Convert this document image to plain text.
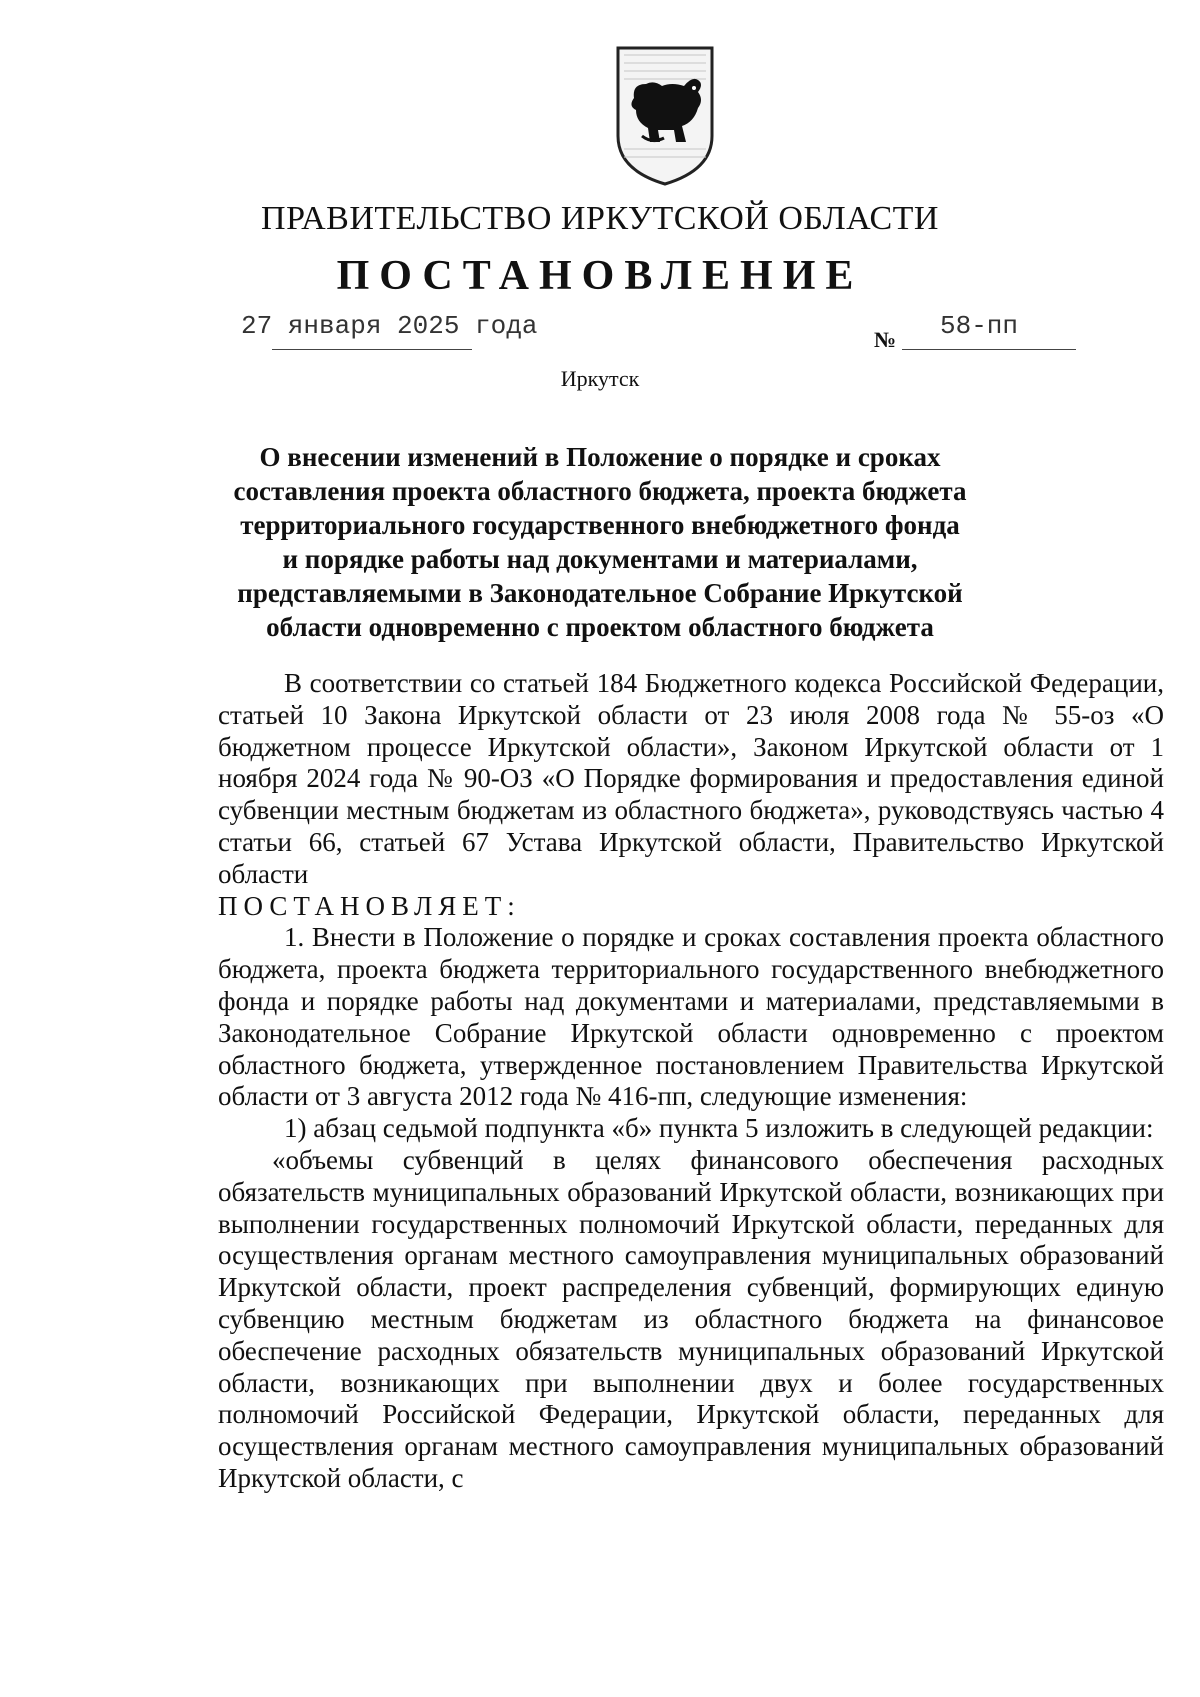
ПРАВИТЕЛЬСТВО ИРКУТСКОЙ ОБЛАСТИ
ПОСТАНОВЛЕНИЕ
27 января 2025 года	№ 58-пп
Иркутск
О внесении изменений в Положение о порядке и сроках составления проекта областного бюджета, проекта бюджета территориального государственного внебюджетного фонда и порядке работы над документами и материалами, представляемыми в Законодательное Собрание Иркутской области одновременно с проектом областного бюджета

В соответствии со статьей 184 Бюджетного кодекса Российской Федерации, статьей 10 Закона Иркутской области от 23 июля 2008 года № 55-оз «О бюджетном процессе Иркутской области», Законом Иркутской области от 1 ноября 2024 года № 90-ОЗ «О Порядке формирования и предоставления единой субвенции местным бюджетам из областного бюджета», руководствуясь частью 4 статьи 66, статьей 67 Устава Иркутской области, Правительство Иркутской области

ПОСТАНОВЛЯЕТ:

1. Внести в Положение о порядке и сроках составления проекта областного бюджета, проекта бюджета территориального государственного внебюджетного фонда и порядке работы над документами и материалами, представляемыми в Законодательное Собрание Иркутской области одновременно с проектом областного бюджета, утвержденное постановлением Правительства Иркутской области от 3 августа 2012 года № 416-пп, следующие изменения:

1) абзац седьмой подпункта «б» пункта 5 изложить в следующей редакции:

«объемы субвенций в целях финансового обеспечения расходных обязательств муниципальных образований Иркутской области, возникающих при выполнении государственных полномочий Иркутской области, переданных для осуществления органам местного самоуправления муниципальных образований Иркутской области, проект распределения субвенций, формирующих единую субвенцию местным бюджетам из областного бюджета на финансовое обеспечение расходных обязательств муниципальных образований Иркутской области, возникающих при выполнении двух и более государственных полномочий Российской Федерации, Иркутской области, переданных для осуществления органам местного самоуправления муниципальных образований Иркутской области, с
